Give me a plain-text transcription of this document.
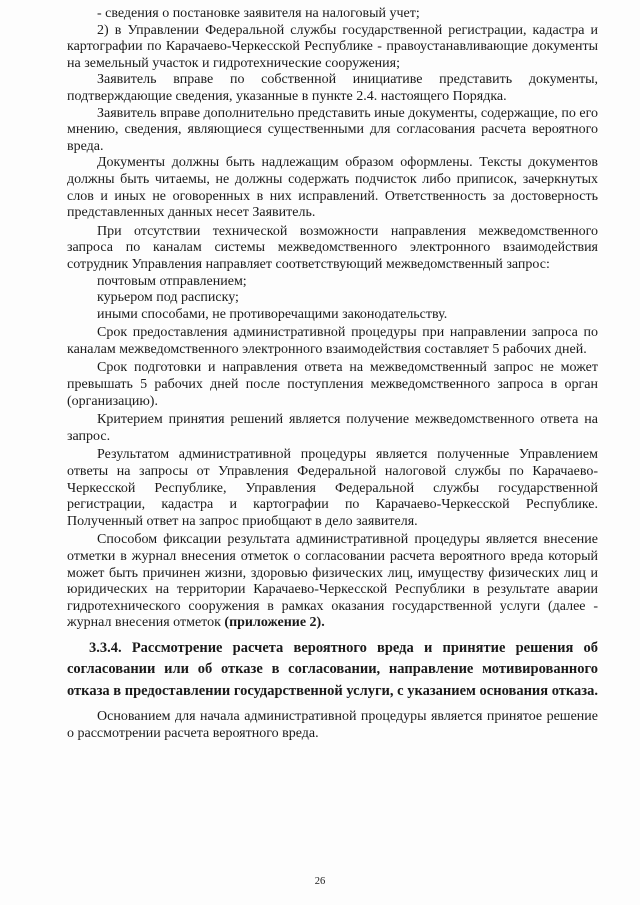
- сведения о постановке заявителя на налоговый учет;

2) в Управлении Федеральной службы государственной регистрации, кадастра и картографии по Карачаево-Черкесской Республике - правоустанавливающие документы на земельный участок и гидротехнические сооружения;

Заявитель вправе по собственной инициативе представить документы, подтверждающие сведения, указанные в пункте 2.4. настоящего Порядка.

Заявитель вправе дополнительно представить иные документы, содержащие, по его мнению, сведения, являющиеся существенными для согласования расчета вероятного вреда.

Документы должны быть надлежащим образом оформлены. Тексты документов должны быть читаемы, не должны содержать подчисток либо приписок, зачеркнутых слов и иных не оговоренных в них исправлений. Ответственность за достоверность представленных данных несет Заявитель.

При отсутствии технической возможности направления межведомственного запроса по каналам системы межведомственного электронного взаимодействия сотрудник Управления направляет соответствующий межведомственный запрос:

почтовым отправлением;

курьером под расписку;

иными способами, не противоречащими законодательству.

Срок предоставления административной процедуры при направлении запроса по каналам межведомственного электронного взаимодействия составляет 5 рабочих дней.

Срок подготовки и направления ответа на межведомственный запрос не может превышать 5 рабочих дней после поступления межведомственного запроса в орган (организацию).

Критерием принятия решений является получение межведомственного ответа на запрос.

Результатом административной процедуры является полученные Управлением ответы на запросы от Управления Федеральной налоговой службы по Карачаево-Черкесской Республике, Управления Федеральной службы государственной регистрации, кадастра и картографии по Карачаево-Черкесской Республике. Полученный ответ на запрос приобщают в дело заявителя.

Способом фиксации результата административной процедуры является внесение отметки в журнал внесения отметок о согласовании расчета вероятного вреда который может быть причинен жизни, здоровью физических лиц, имуществу физических лиц и юридических на территории Карачаево-Черкесской Республики в результате аварии гидротехнического сооружения в рамках оказания государственной услуги (далее - журнал внесения отметок (приложение 2).

3.3.4. Рассмотрение расчета вероятного вреда и принятие решения об согласовании или об отказе в согласовании, направление мотивированного отказа в предоставлении государственной услуги, с указанием основания отказа.

Основанием для начала административной процедуры является принятое решение о рассмотрении расчета вероятного вреда.

26
